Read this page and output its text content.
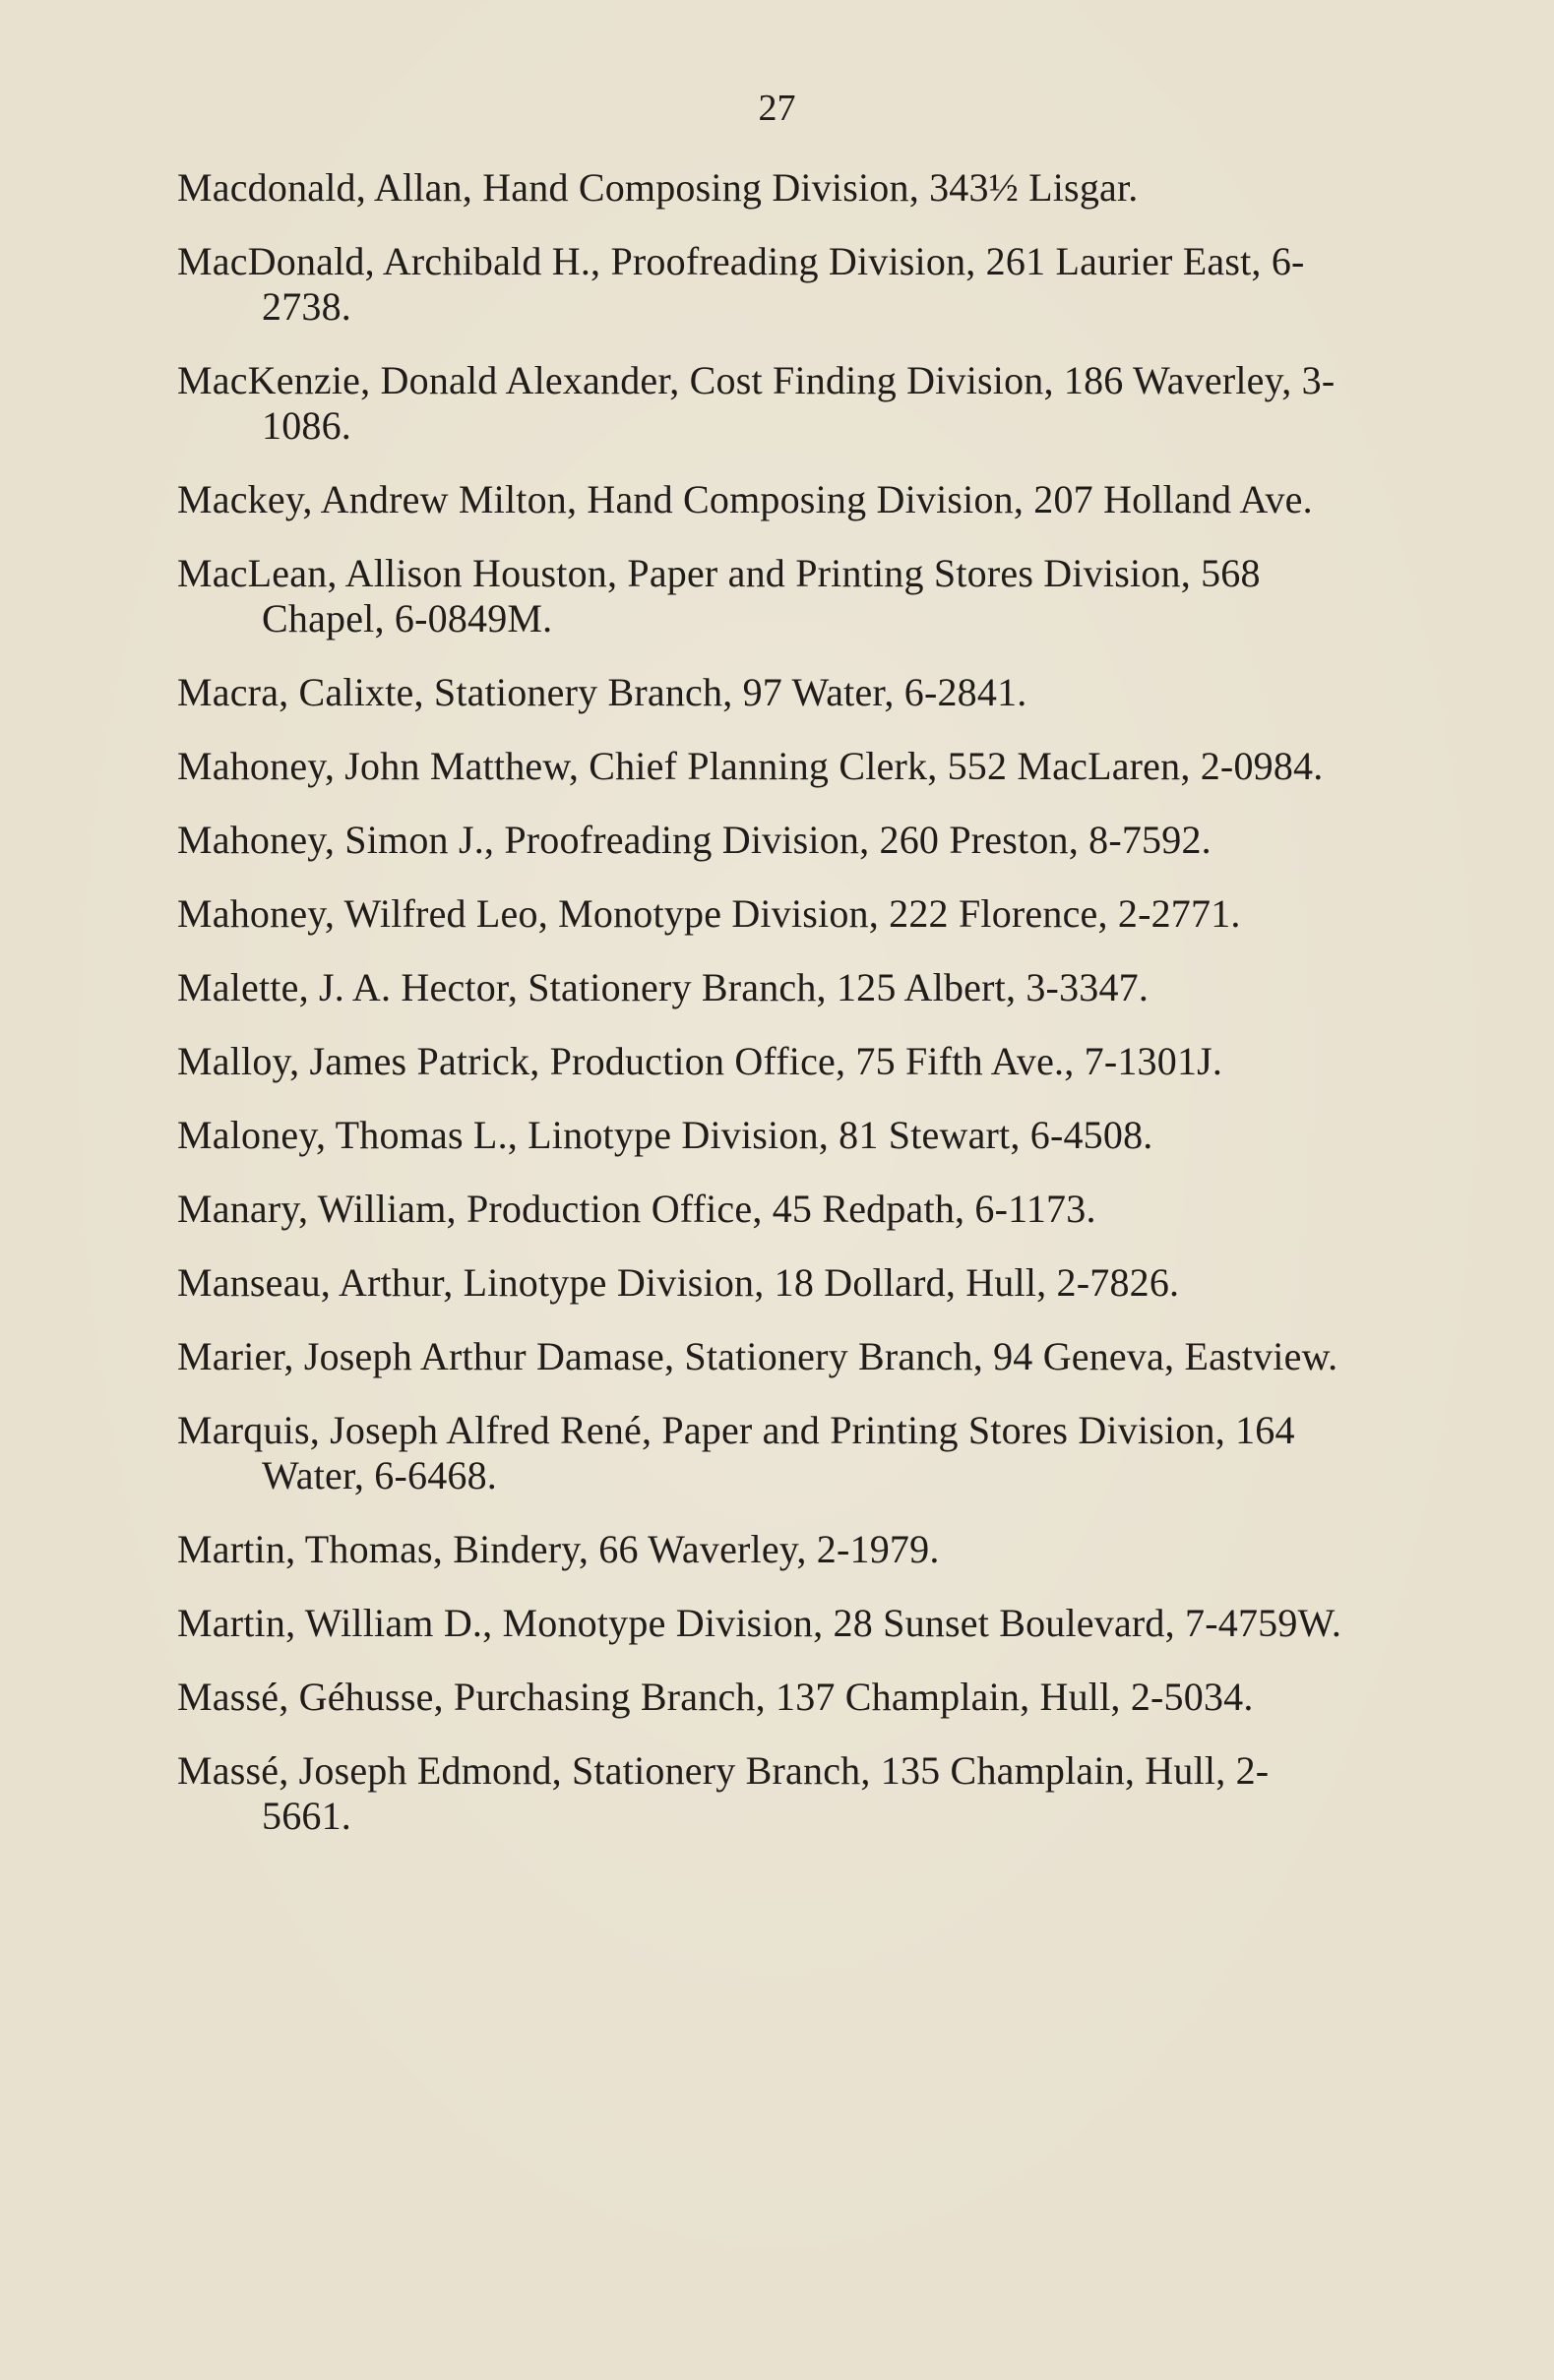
27

Macdonald, Allan, Hand Composing Division, 343½ Lisgar.

MacDonald, Archibald H., Proofreading Division, 261 Laurier East, 6-2738.

MacKenzie, Donald Alexander, Cost Finding Division, 186 Waverley, 3-1086.

Mackey, Andrew Milton, Hand Composing Division, 207 Holland Ave.

MacLean, Allison Houston, Paper and Printing Stores Division, 568 Chapel, 6-0849M.

Macra, Calixte, Stationery Branch, 97 Water, 6-2841.

Mahoney, John Matthew, Chief Planning Clerk, 552 MacLaren, 2-0984.

Mahoney, Simon J., Proofreading Division, 260 Preston, 8-7592.

Mahoney, Wilfred Leo, Monotype Division, 222 Florence, 2-2771.

Malette, J. A. Hector, Stationery Branch, 125 Albert, 3-3347.

Malloy, James Patrick, Production Office, 75 Fifth Ave., 7-1301J.

Maloney, Thomas L., Linotype Division, 81 Stewart, 6-4508.

Manary, William, Production Office, 45 Redpath, 6-1173.

Manseau, Arthur, Linotype Division, 18 Dollard, Hull, 2-7826.

Marier, Joseph Arthur Damase, Stationery Branch, 94 Geneva, Eastview.

Marquis, Joseph Alfred René, Paper and Printing Stores Division, 164 Water, 6-6468.

Martin, Thomas, Bindery, 66 Waverley, 2-1979.

Martin, William D., Monotype Division, 28 Sunset Boulevard, 7-4759W.

Massé, Géhusse, Purchasing Branch, 137 Champlain, Hull, 2-5034.

Massé, Joseph Edmond, Stationery Branch, 135 Champlain, Hull, 2-5661.
